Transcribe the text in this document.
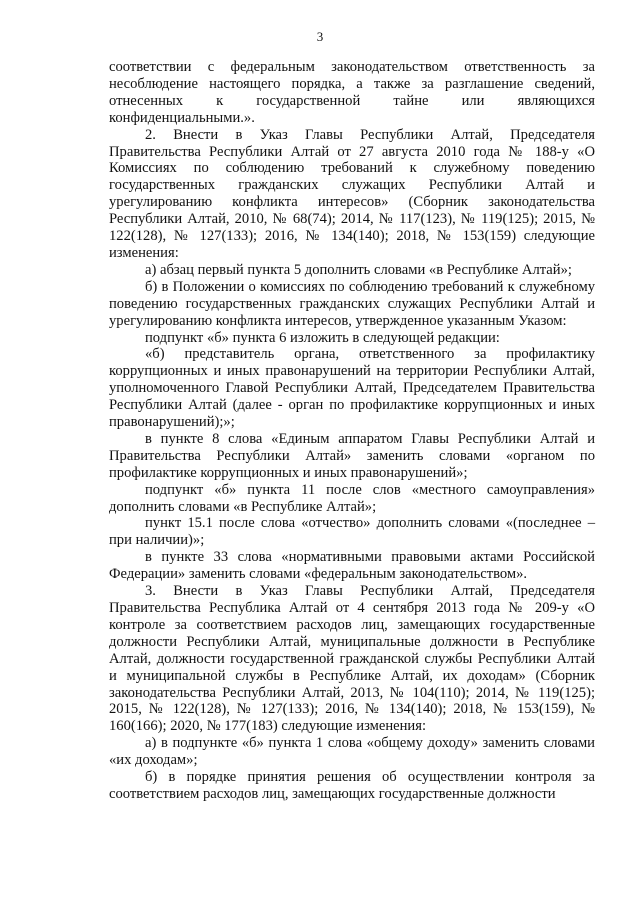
3

соответствии с федеральным законодательством ответственность за несоблюдение настоящего порядка, а также за разглашение сведений, отнесенных к государственной тайне или являющихся конфиденциальными.».

2. Внести в Указ Главы Республики Алтай, Председателя Правительства Республики Алтай от 27 августа 2010 года № 188-у «О Комиссиях по соблюдению требований к служебному поведению государственных гражданских служащих Республики Алтай и урегулированию конфликта интересов» (Сборник законодательства Республики Алтай, 2010, № 68(74); 2014, № 117(123), № 119(125); 2015, № 122(128), № 127(133); 2016, № 134(140); 2018, № 153(159) следующие изменения:

а) абзац первый пункта 5 дополнить словами «в Республике Алтай»;

б) в Положении о комиссиях по соблюдению требований к служебному поведению государственных гражданских служащих Республики Алтай и урегулированию конфликта интересов, утвержденное указанным Указом:

подпункт «б» пункта 6 изложить в следующей редакции:

«б) представитель органа, ответственного за профилактику коррупционных и иных правонарушений на территории Республики Алтай, уполномоченного Главой Республики Алтай, Председателем Правительства Республики Алтай (далее - орган по профилактике коррупционных и иных правонарушений);»;

в пункте 8 слова «Единым аппаратом Главы Республики Алтай и Правительства Республики Алтай» заменить словами «органом по профилактике коррупционных и иных правонарушений»;

подпункт «б» пункта 11 после слов «местного самоуправления» дополнить словами «в Республике Алтай»;

пункт 15.1 после слова «отчество» дополнить словами «(последнее – при наличии)»;

в пункте 33 слова «нормативными правовыми актами Российской Федерации» заменить словами «федеральным законодательством».

3. Внести в Указ Главы Республики Алтай, Председателя Правительства Республика Алтай от 4 сентября 2013 года № 209-у «О контроле за соответствием расходов лиц, замещающих государственные должности Республики Алтай, муниципальные должности в Республике Алтай, должности государственной гражданской службы Республики Алтай и муниципальной службы в Республике Алтай, их доходам» (Сборник законодательства Республики Алтай, 2013, № 104(110); 2014, № 119(125); 2015, № 122(128), № 127(133); 2016, № 134(140); 2018, № 153(159), № 160(166); 2020, № 177(183) следующие изменения:

а) в подпункте «б» пункта 1 слова «общему доходу» заменить словами «их доходам»;

б) в порядке принятия решения об осуществлении контроля за соответствием расходов лиц, замещающих государственные должности
